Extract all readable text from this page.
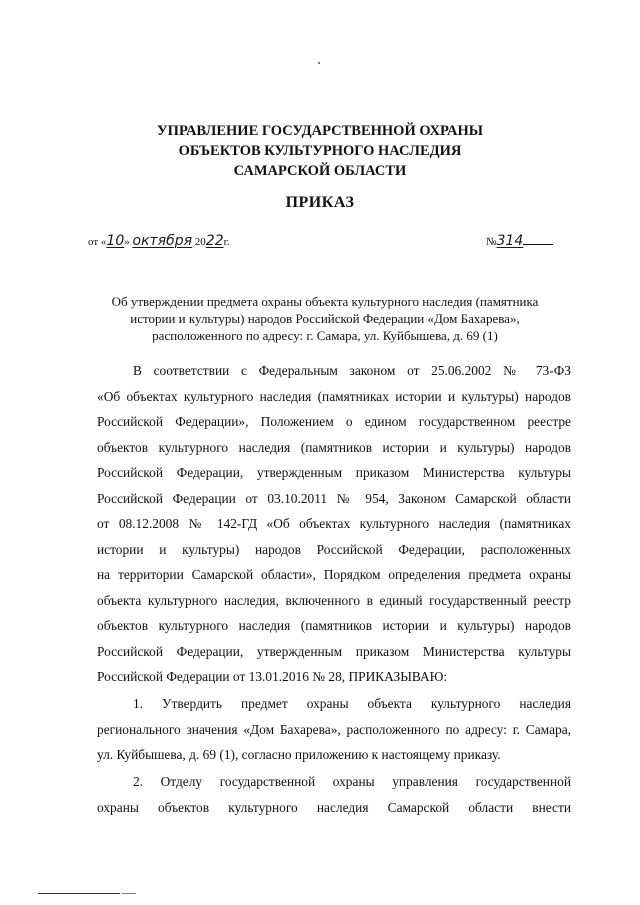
УПРАВЛЕНИЕ ГОСУДАРСТВЕННОЙ ОХРАНЫ
ОБЪЕКТОВ КУЛЬТУРНОГО НАСЛЕДИЯ
САМАРСКОЙ ОБЛАСТИ
ПРИКАЗ
от «10» октября 2022г.	№314
Об утверждении предмета охраны объекта культурного наследия (памятника
истории и культуры) народов Российской Федерации «Дом Бахарева»,
расположенного по адресу: г. Самара, ул. Куйбышева, д. 69 (1)
В соответствии с Федеральным законом от 25.06.2002 № 73-ФЗ
«Об объектах культурного наследия (памятниках истории и культуры) народов
Российской Федерации», Положением о едином государственном реестре
объектов культурного наследия (памятников истории и культуры) народов
Российской Федерации, утвержденным приказом Министерства культуры
Российской Федерации от 03.10.2011 № 954, Законом Самарской области
от 08.12.2008 № 142-ГД «Об объектах культурного наследия (памятниках
истории и культуры) народов Российской Федерации, расположенных
на территории Самарской области», Порядком определения предмета охраны
объекта культурного наследия, включенного в единый государственный реестр
объектов культурного наследия (памятников истории и культуры) народов
Российской Федерации, утвержденным приказом Министерства культуры
Российской Федерации от 13.01.2016 № 28, ПРИКАЗЫВАЮ:
1. Утвердить предмет охраны объекта культурного наследия
регионального значения «Дом Бахарева», расположенного по адресу: г. Самара,
ул. Куйбышева, д. 69 (1), согласно приложению к настоящему приказу.
2. Отделу государственной охраны управления государственной
охраны объектов культурного наследия Самарской области внести
